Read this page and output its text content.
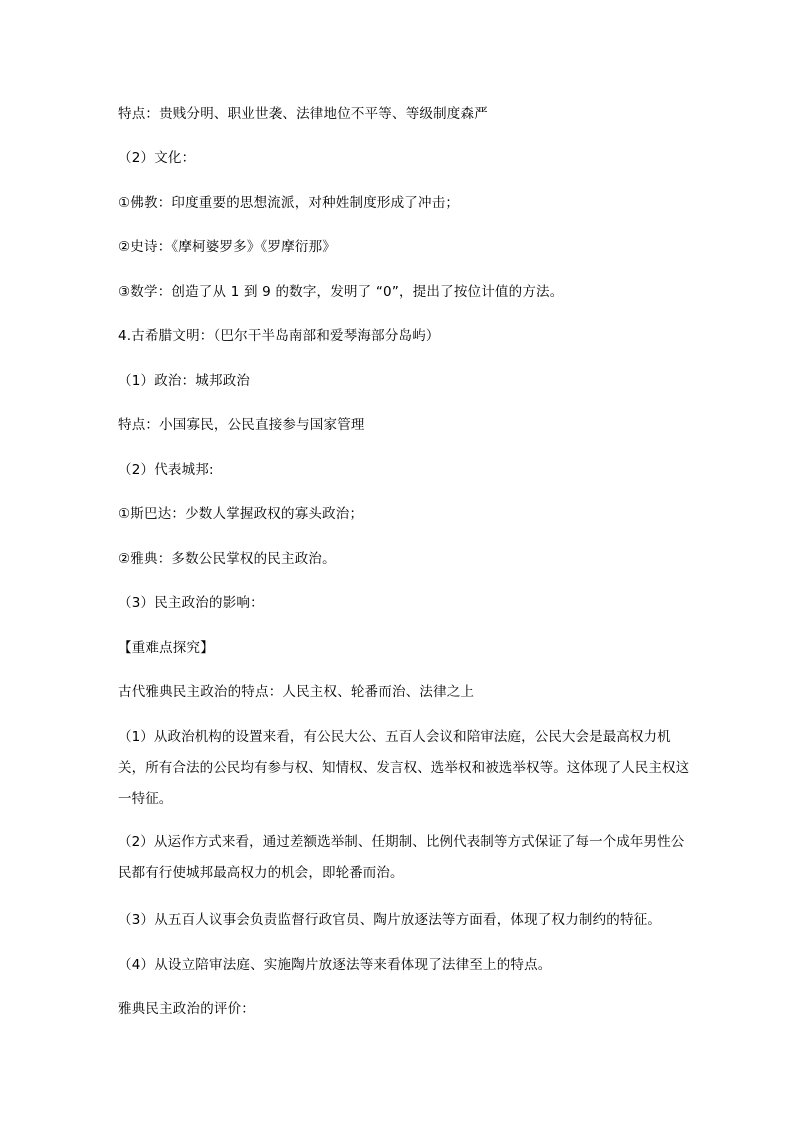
特点：贵贱分明、职业世袭、法律地位不平等、等级制度森严
（2）文化：
①佛教：印度重要的思想流派，对种姓制度形成了冲击；
②史诗：《摩柯婆罗多》《罗摩衍那》
③数学：创造了从 1 到 9 的数字，发明了 “0”，提出了按位计值的方法。
4.古希腊文明：（巴尔干半岛南部和爱琴海部分岛屿）
（1）政治：城邦政治
特点：小国寡民，公民直接参与国家管理
（2）代表城邦:
①斯巴达：少数人掌握政权的寡头政治；
②雅典：多数公民掌权的民主政治。
（3）民主政治的影响：
【重难点探究】
古代雅典民主政治的特点：人民主权、轮番而治、法律之上
（1）从政治机构的设置来看，有公民大公、五百人会议和陪审法庭，公民大会是最高权力机关，所有合法的公民均有参与权、知情权、发言权、选举权和被选举权等。这体现了人民主权这一特征。
（2）从运作方式来看，通过差额选举制、任期制、比例代表制等方式保证了每一个成年男性公民都有行使城邦最高权力的机会，即轮番而治。
（3）从五百人议事会负责监督行政官员、陶片放逐法等方面看，体现了权力制约的特征。
（4）从设立陪审法庭、实施陶片放逐法等来看体现了法律至上的特点。
雅典民主政治的评价：
